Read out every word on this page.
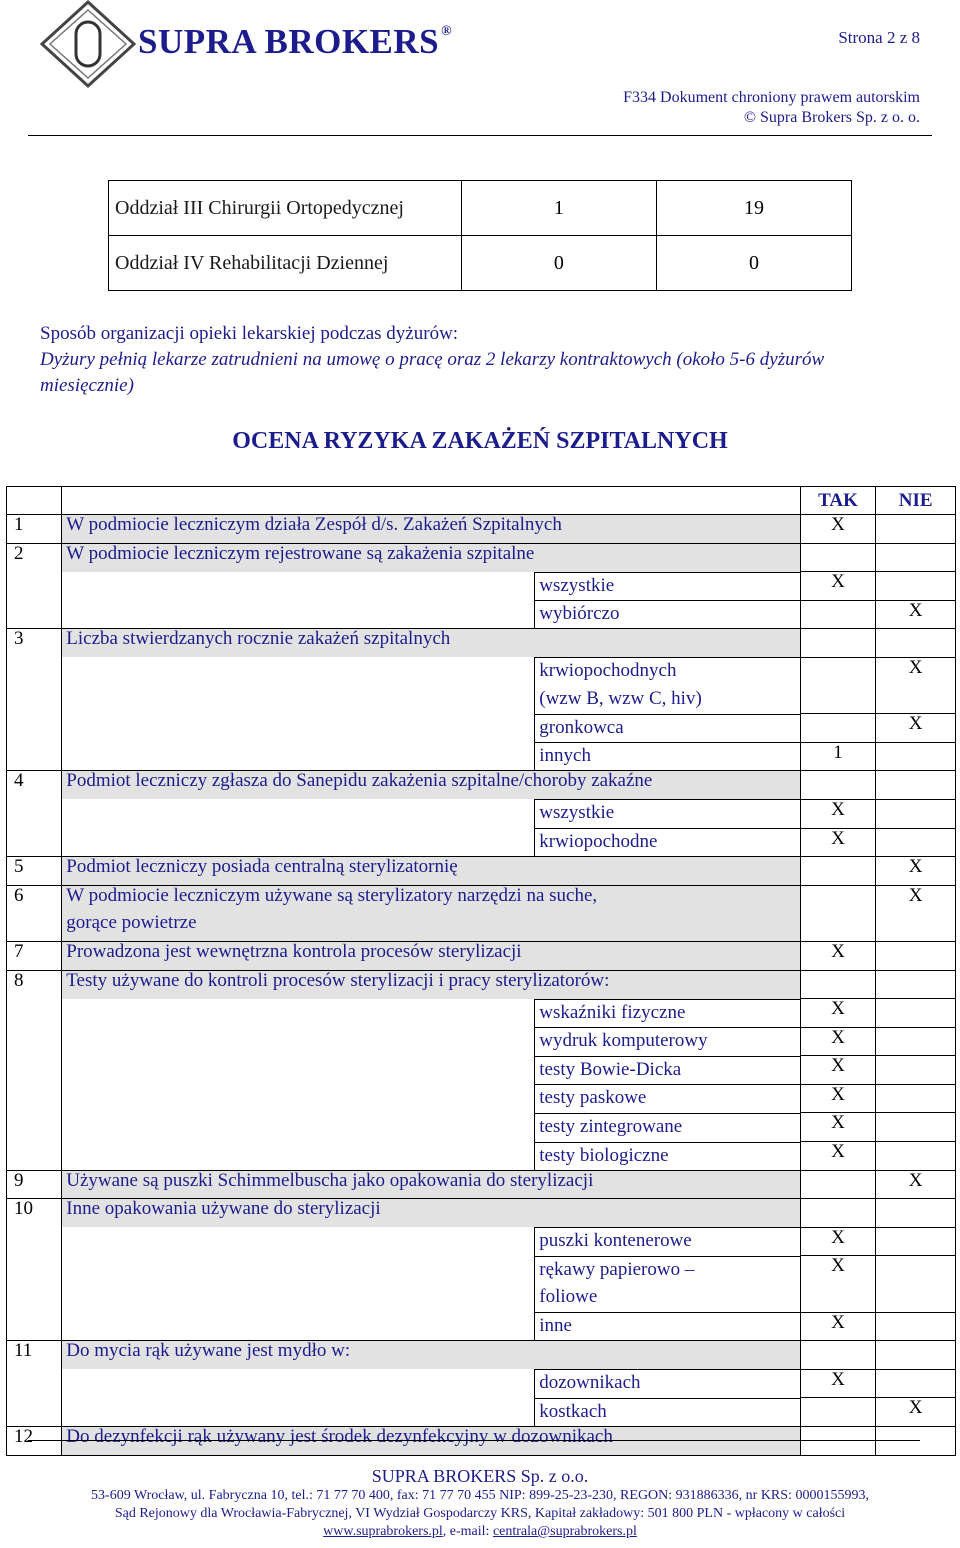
SUPRA BROKERS ®	Strona 2 z 8
F334 Dokument chroniony prawem autorskim
© Supra Brokers Sp. z o. o.
Oddział III Chirurgii Ortopedycznej	1	19
Oddział IV Rehabilitacji Dziennej	0	0
Sposób organizacji opieki lekarskiej podczas dyżurów:
Dyżury pełnią lekarze zatrudnieni na umowę o pracę oraz 2 lekarzy kontraktowych (około 5-6 dyżurów miesięcznie)
OCENA RYZYKA ZAKAŻEŃ SZPITALNYCH
		TAK	NIE
1	W podmiocie leczniczym działa Zespół d/s. Zakażeń Szpitalnych	X	
2	W podmiocie leczniczym rejestrowane są zakażenia szpitalne		

	wszystkie	X	

	wybiórczo		X
3	Liczba stwierdzanych rocznie zakażeń szpitalnych		

	krwiopochodnych		X

	(wzw B, wzw C, hiv)		

	gronkowca		X

	innych	1	
4	Podmiot leczniczy zgłasza do Sanepidu zakażenia szpitalne/choroby zakaźne		

	wszystkie	X	

	krwiopochodne	X	
5	Podmiot leczniczy posiada centralną sterylizatornię		X
6	W podmiocie leczniczym używane są sterylizatory narzędzi na suche,		X
	gorące powietrze		
7	Prowadzona jest wewnętrzna kontrola procesów sterylizacji	X	
8	Testy używane do kontroli procesów sterylizacji i pracy sterylizatorów:		

	wskaźniki fizyczne	X	

	wydruk komputerowy	X	

	testy Bowie-Dicka	X	

	testy paskowe	X	

	testy zintegrowane	X	

	testy biologiczne	X	
9	Używane są puszki Schimmelbuscha jako opakowania do sterylizacji		X
10	Inne opakowania używane do sterylizacji		

	puszki kontenerowe	X	

	rękawy papierowo –	X	

	foliowe		

	inne	X	
11	Do mycia rąk używane jest mydło w:		

	dozownikach	X	

	kostkach		X
12	Do dezynfekcji rąk używany jest środek dezynfekcyjny w dozownikach		
SUPRA BROKERS Sp. z o.o.
53-609 Wrocław, ul. Fabryczna 10, tel.: 71 77 70 400, fax: 71 77 70 455 NIP: 899-25-23-230, REGON: 931886336, nr KRS: 0000155993,
Sąd Rejonowy dla Wrocławia-Fabrycznej, VI Wydział Gospodarczy KRS, Kapitał zakładowy: 501 800 PLN - wpłacony w całości
www.suprabrokers.pl, e-mail: centrala@suprabrokers.pl
